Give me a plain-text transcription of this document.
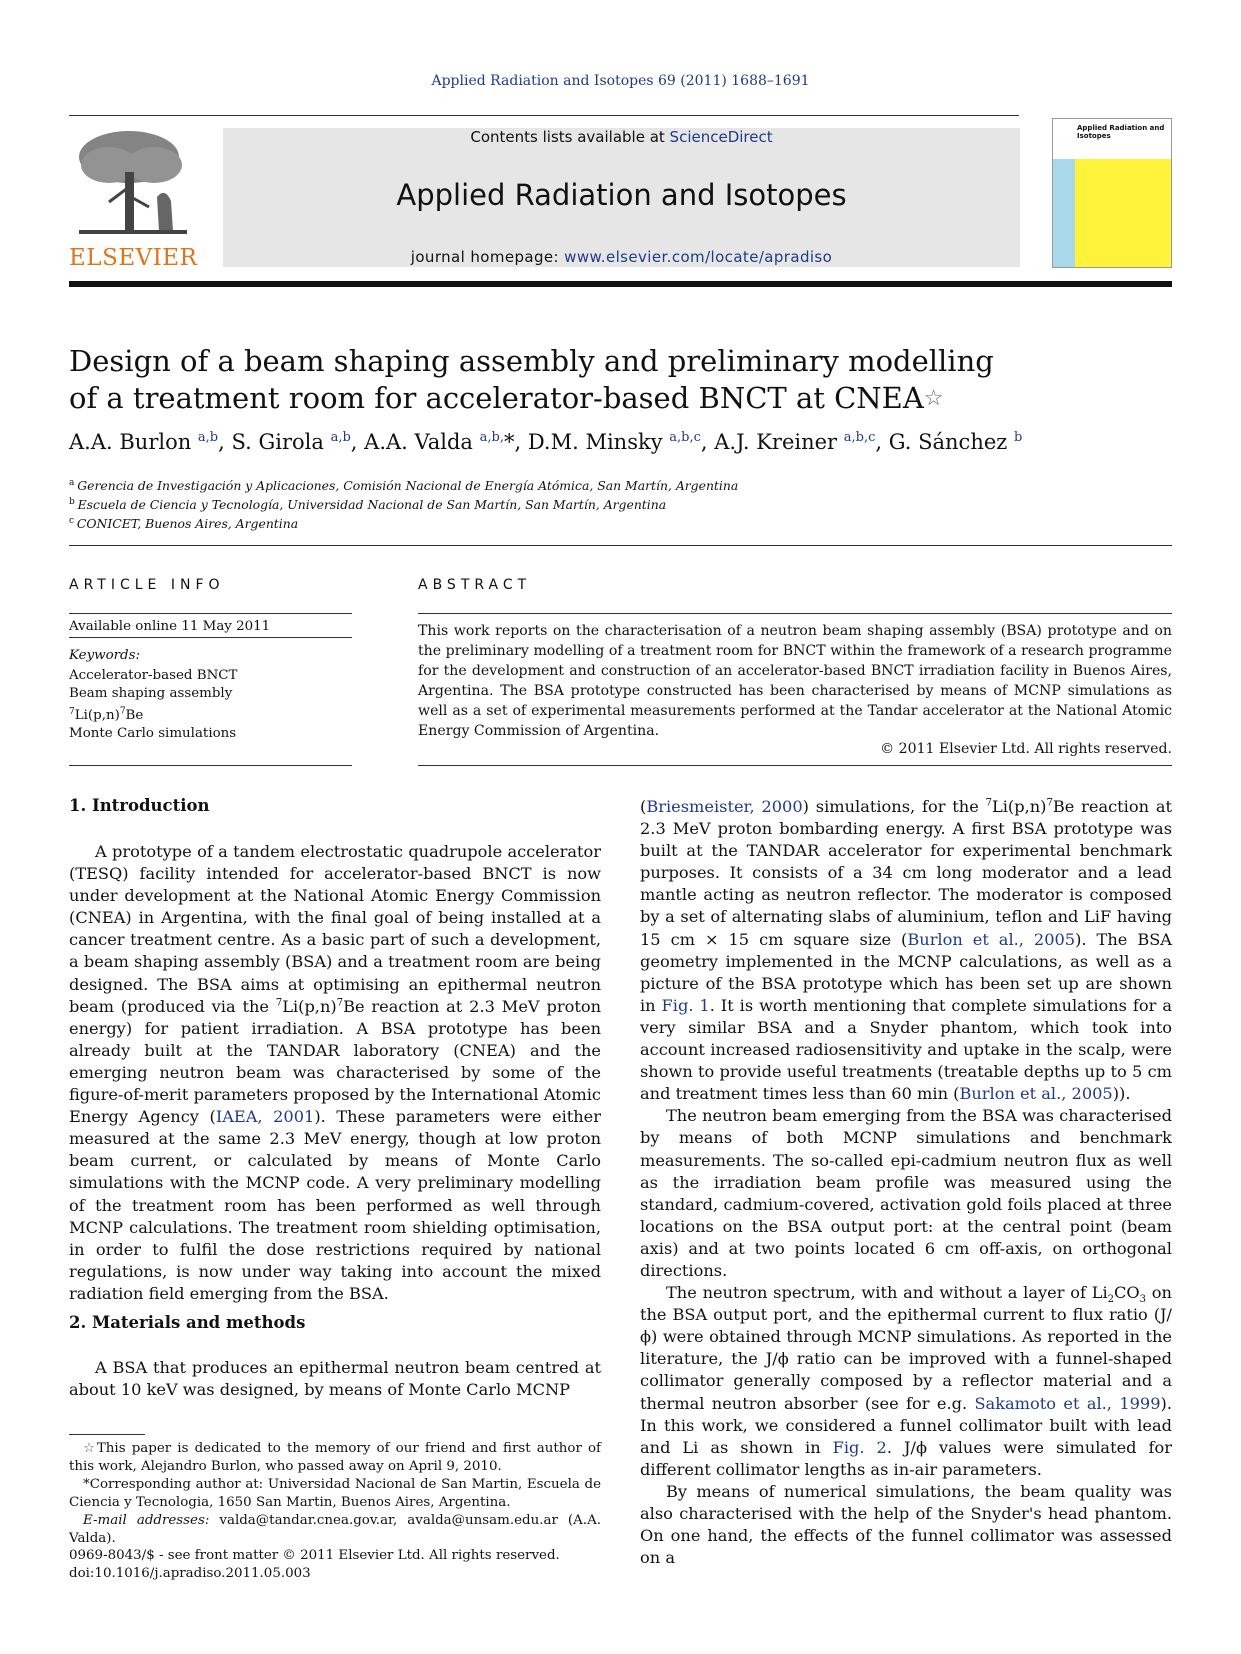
Applied Radiation and Isotopes 69 (2011) 1688–1691
ELSEVIER
Contents lists available at ScienceDirect
Applied Radiation and Isotopes
journal homepage: www.elsevier.com/locate/apradiso
Applied Radiation and Isotopes
Design of a beam shaping assembly and preliminary modelling
of a treatment room for accelerator-based BNCT at CNEA☆
A.A. Burlon $^{a,b}$, S. Girola $^{a,b}$, A.A. Valda $^{a,b,}$*, D.M. Minsky $^{a,b,c}$, A.J. Kreiner $^{a,b,c}$, G. Sánchez $^b$
$^a$ Gerencia de Investigación y Aplicaciones, Comisión Nacional de Energía Atómica, San Martín, Argentina
$^b$ Escuela de Ciencia y Tecnología, Universidad Nacional de San Martín, San Martín, Argentina
$^c$ CONICET, Buenos Aires, Argentina
ARTICLE INFO	ABSTRACT
Available online 11 May 2011
Keywords:
Accelerator-based BNCT
Beam shaping assembly
$^7Li(p,n)^7Be$
Monte Carlo simulations
This work reports on the characterisation of a neutron beam shaping assembly (BSA) prototype and on the preliminary modelling of a treatment room for BNCT within the framework of a research programme for the development and construction of an accelerator-based BNCT irradiation facility in Buenos Aires, Argentina. The BSA prototype constructed has been characterised by means of MCNP simulations as well as a set of experimental measurements performed at the Tandar accelerator at the National Atomic Energy Commission of Argentina.
© 2011 Elsevier Ltd. All rights reserved.
1. Introduction

A prototype of a tandem electrostatic quadrupole accelerator (TESQ) facility intended for accelerator-based BNCT is now under development at the National Atomic Energy Commission (CNEA) in Argentina, with the final goal of being installed at a cancer treatment centre. As a basic part of such a development, a beam shaping assembly (BSA) and a treatment room are being designed. The BSA aims at optimising an epithermal neutron beam (produced via the $^7Li(p,n)^7Be$ reaction at 2.3 MeV proton energy) for patient irradiation. A BSA prototype has been already built at the TANDAR laboratory (CNEA) and the emerging neutron beam was characterised by some of the figure-of-merit parameters proposed by the International Atomic Energy Agency (IAEA, 2001). These parameters were either measured at the same 2.3 MeV energy, though at low proton beam current, or calculated by means of Monte Carlo simulations with the MCNP code. A very preliminary modelling of the treatment room has been performed as well through MCNP calculations. The treatment room shielding optimisation, in order to fulfil the dose restrictions required by national regulations, is now under way taking into account the mixed radiation field emerging from the BSA.

2. Materials and methods

A BSA that produces an epithermal neutron beam centred at about 10 keV was designed, by means of Monte Carlo MCNP

(Briesmeister, 2000) simulations, for the $^7Li(p,n)^7Be$ reaction at 2.3 MeV proton bombarding energy. A first BSA prototype was built at the TANDAR accelerator for experimental benchmark purposes. It consists of a 34 cm long moderator and a lead mantle acting as neutron reflector. The moderator is composed by a set of alternating slabs of aluminium, teflon and LiF having 15 cm × 15 cm square size (Burlon et al., 2005). The BSA geometry implemented in the MCNP calculations, as well as a picture of the BSA prototype which has been set up are shown in Fig. 1. It is worth mentioning that complete simulations for a very similar BSA and a Snyder phantom, which took into account increased radiosensitivity and uptake in the scalp, were shown to provide useful treatments (treatable depths up to 5 cm and treatment times less than 60 min (Burlon et al., 2005)).

The neutron beam emerging from the BSA was characterised by means of both MCNP simulations and benchmark measurements. The so-called epi-cadmium neutron flux as well as the irradiation beam profile was measured using the standard, cadmium-covered, activation gold foils placed at three locations on the BSA output port: at the central point (beam axis) and at two points located 6 cm off-axis, on orthogonal directions.

The neutron spectrum, with and without a layer of $Li_2CO_3$ on the BSA output port, and the epithermal current to flux ratio (J/ϕ) were obtained through MCNP simulations. As reported in the literature, the J/ϕ ratio can be improved with a funnel-shaped collimator generally composed by a reflector material and a thermal neutron absorber (see for e.g. Sakamoto et al., 1999). In this work, we considered a funnel collimator built with lead and Li as shown in Fig. 2. J/ϕ values were simulated for different collimator lengths as in-air parameters.

By means of numerical simulations, the beam quality was also characterised with the help of the Snyder's head phantom. On one hand, the effects of the funnel collimator was assessed on a

☆This paper is dedicated to the memory of our friend and first author of this work, Alejandro Burlon, who passed away on April 9, 2010.

*Corresponding author at: Universidad Nacional de San Martin, Escuela de Ciencia y Tecnologia, 1650 San Martin, Buenos Aires, Argentina.

E-mail addresses: valda@tandar.cnea.gov.ar, avalda@unsam.edu.ar (A.A. Valda).

0969-8043/$ - see front matter © 2011 Elsevier Ltd. All rights reserved.
doi:10.1016/j.apradiso.2011.05.003
